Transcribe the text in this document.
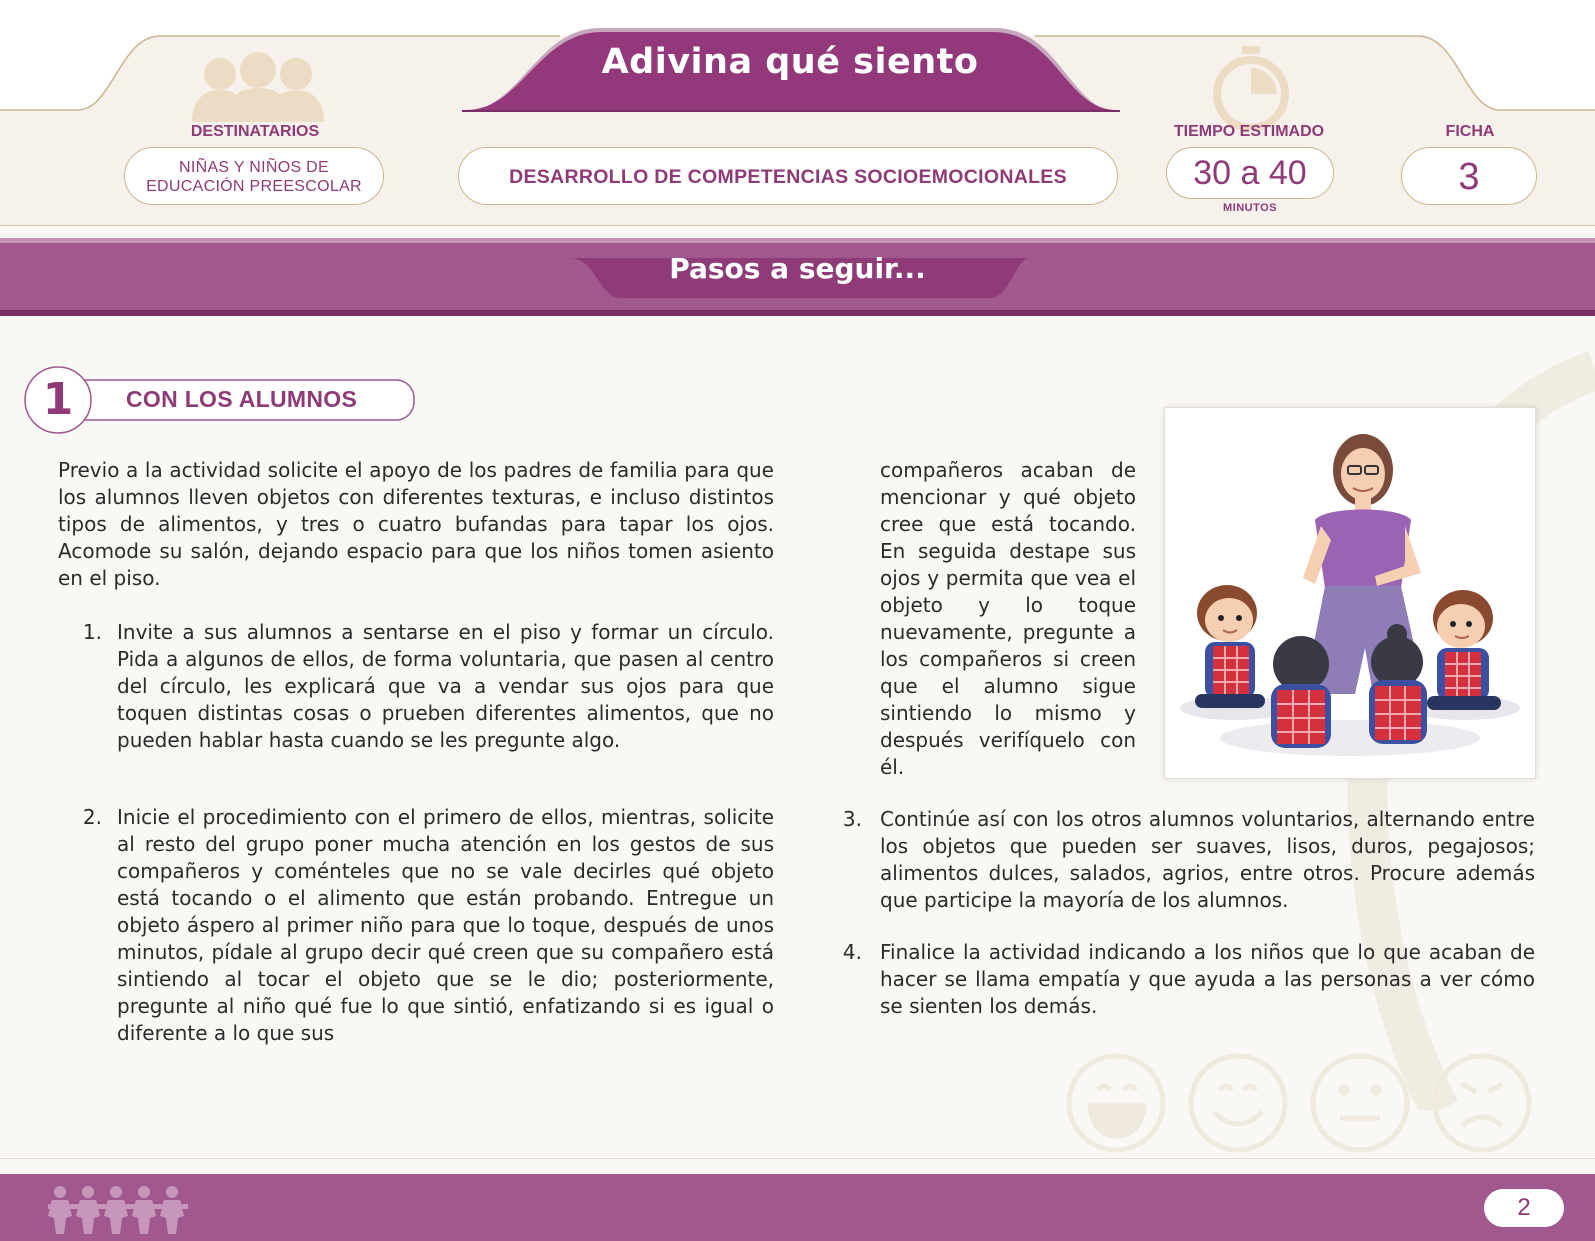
Adivina qué siento
DESTINATARIOS
NIÑAS Y NIÑOS DE
EDUCACIÓN PREESCOLAR	DESARROLLO DE COMPETENCIAS SOCIOEMOCIONALES
TIEMPO ESTIMADO
30 a 40
MINUTOS
FICHA
3
Pasos a seguir...
1	CON LOS ALUMNOS

Previo a la actividad solicite el apoyo de los padres de familia para que los alumnos lleven objetos con diferentes texturas, e incluso distintos tipos de alimentos, y tres o cuatro bufandas para tapar los ojos. Acomode su salón, dejando espacio para que los niños tomen asiento en el piso.

1. Invite a sus alumnos a sentarse en el piso y formar un círculo. Pida a algunos de ellos, de forma voluntaria, que pasen al centro del círculo, les explicará que va a vendar sus ojos para que toquen distintas cosas o prueben diferentes alimentos, que no pueden hablar hasta cuando se les pregunte algo.

2. Inicie el procedimiento con el primero de ellos, mientras, solicite al resto del grupo poner mucha atención en los gestos de sus compañeros y coménteles que no se vale decirles qué objeto está tocando o el alimento que están probando. Entregue un objeto áspero al primer niño para que lo toque, después de unos minutos, pídale al grupo decir qué creen que su compañero está sintiendo al tocar el objeto que se le dio; posteriormente, pregunte al niño qué fue lo que sintió, enfatizando si es igual o diferente a lo que sus

compañeros acaban de mencionar y qué objeto cree que está tocando. En seguida destape sus ojos y permita que vea el objeto y lo toque nuevamente, pregunte a los compañeros si creen que el alumno sigue sintiendo lo mismo y después verifíquelo con él.

3. Continúe así con los otros alumnos voluntarios, alternando entre los objetos que pueden ser suaves, lisos, duros, pegajosos; alimentos dulces, salados, agrios, entre otros. Procure además que participe la mayoría de los alumnos.

4. Finalice la actividad indicando a los niños que lo que acaban de hacer se llama empatía y que ayuda a las personas a ver cómo se sienten los demás.

2
